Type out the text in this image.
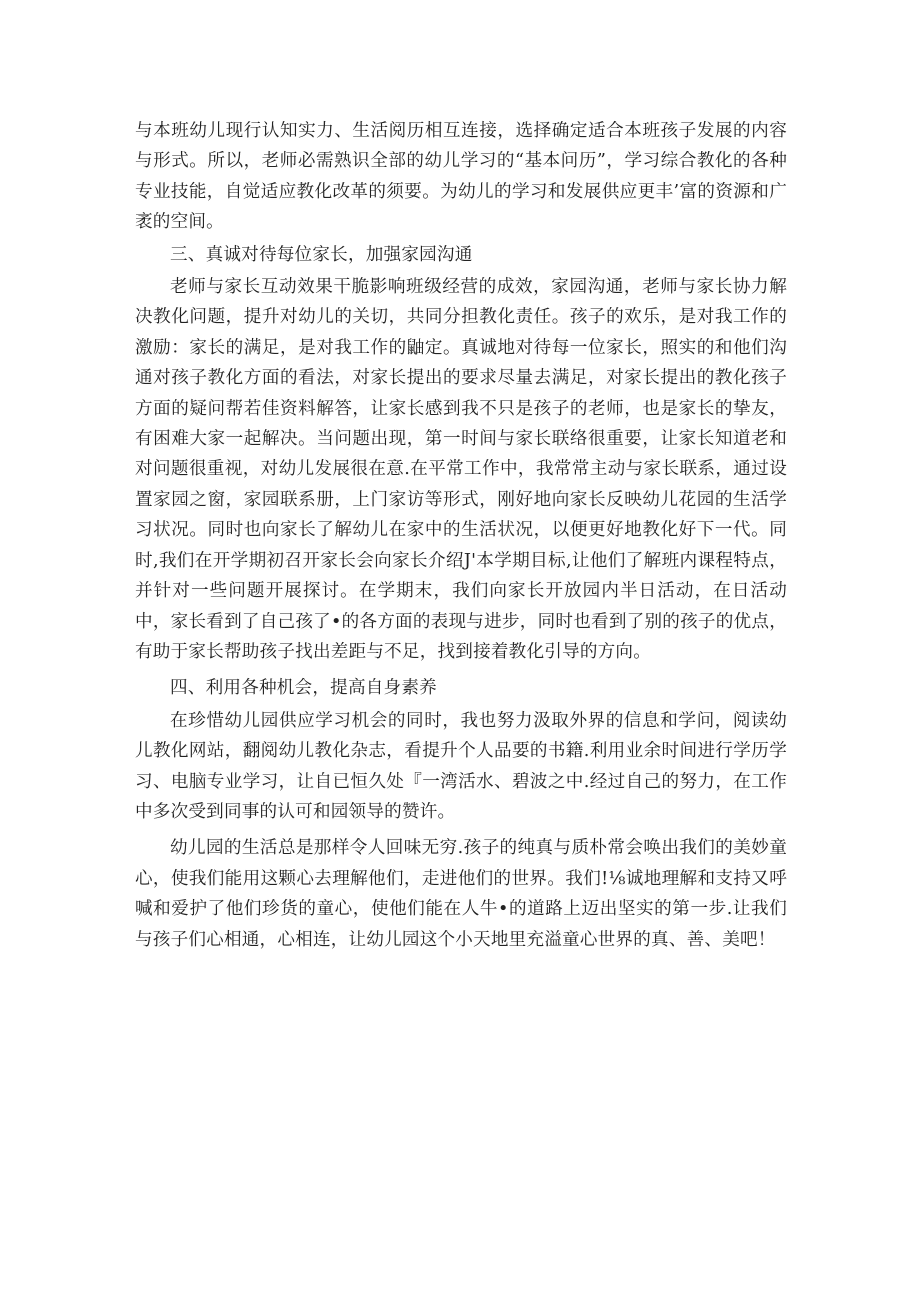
与本班幼儿现行认知实力、生活阅历相互连接，选择确定适合本班孩子发展的内容与形式。所以，老师必需熟识全部的幼儿学习的“基本问历”，学习综合教化的各种专业技能，自觉适应教化改革的须要。为幼儿的学习和发展供应更丰’富的资源和广袤的空间。

三、真诚对待每位家长，加强家园沟通

老师与家长互动效果干脆影响班级经营的成效，家园沟通，老师与家长协力解决教化问题，提升对幼儿的关切，共同分担教化责任。孩子的欢乐，是对我工作的激励：家长的满足，是对我工作的鼬定。真诚地对待每一位家长，照实的和他们沟通对孩子教化方面的看法，对家长提出的要求尽量去满足，对家长提出的教化孩子方面的疑问帮若佳资料解答，让家长感到我不只是孩子的老师，也是家长的挚友，有困难大家一起解决。当问题出现，第一时间与家长联络很重要，让家长知道老和对问题很重视，对幼儿发展很在意.在平常工作中，我常常主动与家长联系，通过设置家园之窗，家园联系册，上门家访等形式，刚好地向家长反映幼儿花园的生活学习状况。同时也向家长了解幼儿在家中的生活状况，以便更好地教化好下一代。同时,我们在开学期初召开家长会向家长介绍J'本学期目标,让他们了解班内课程特点，并针对一些问题开展探讨。在学期末，我们向家长开放园内半日活动，在日活动中，家长看到了自己孩了•的各方面的表现与进步，同时也看到了别的孩子的优点，有助于家长帮助孩子找出差距与不足，找到接着教化引导的方向。

四、利用各种机会，提高自身素养

在珍惜幼儿园供应学习机会的同时，我也努力汲取外界的信息和学问，阅读幼儿教化网站，翻阅幼儿教化杂志，看提升个人品要的书籍.利用业余时间进行学历学习、电脑专业学习，让自已恒久处『一湾活水、碧波之中.经过自己的努力，在工作中多次受到同事的认可和园领导的赞许。

幼儿园的生活总是那样令人回味无穷.孩子的纯真与质朴常会唤出我们的美妙童心，使我们能用这颗心去理解他们，走进他们的世界。我们!⅛诚地理解和支持又呼喊和爱护了他们珍货的童心，使他们能在人牛•的道路上迈出坚实的第一步.让我们与孩子们心相通，心相连，让幼儿园这个小天地里充溢童心世界的真、善、美吧！
